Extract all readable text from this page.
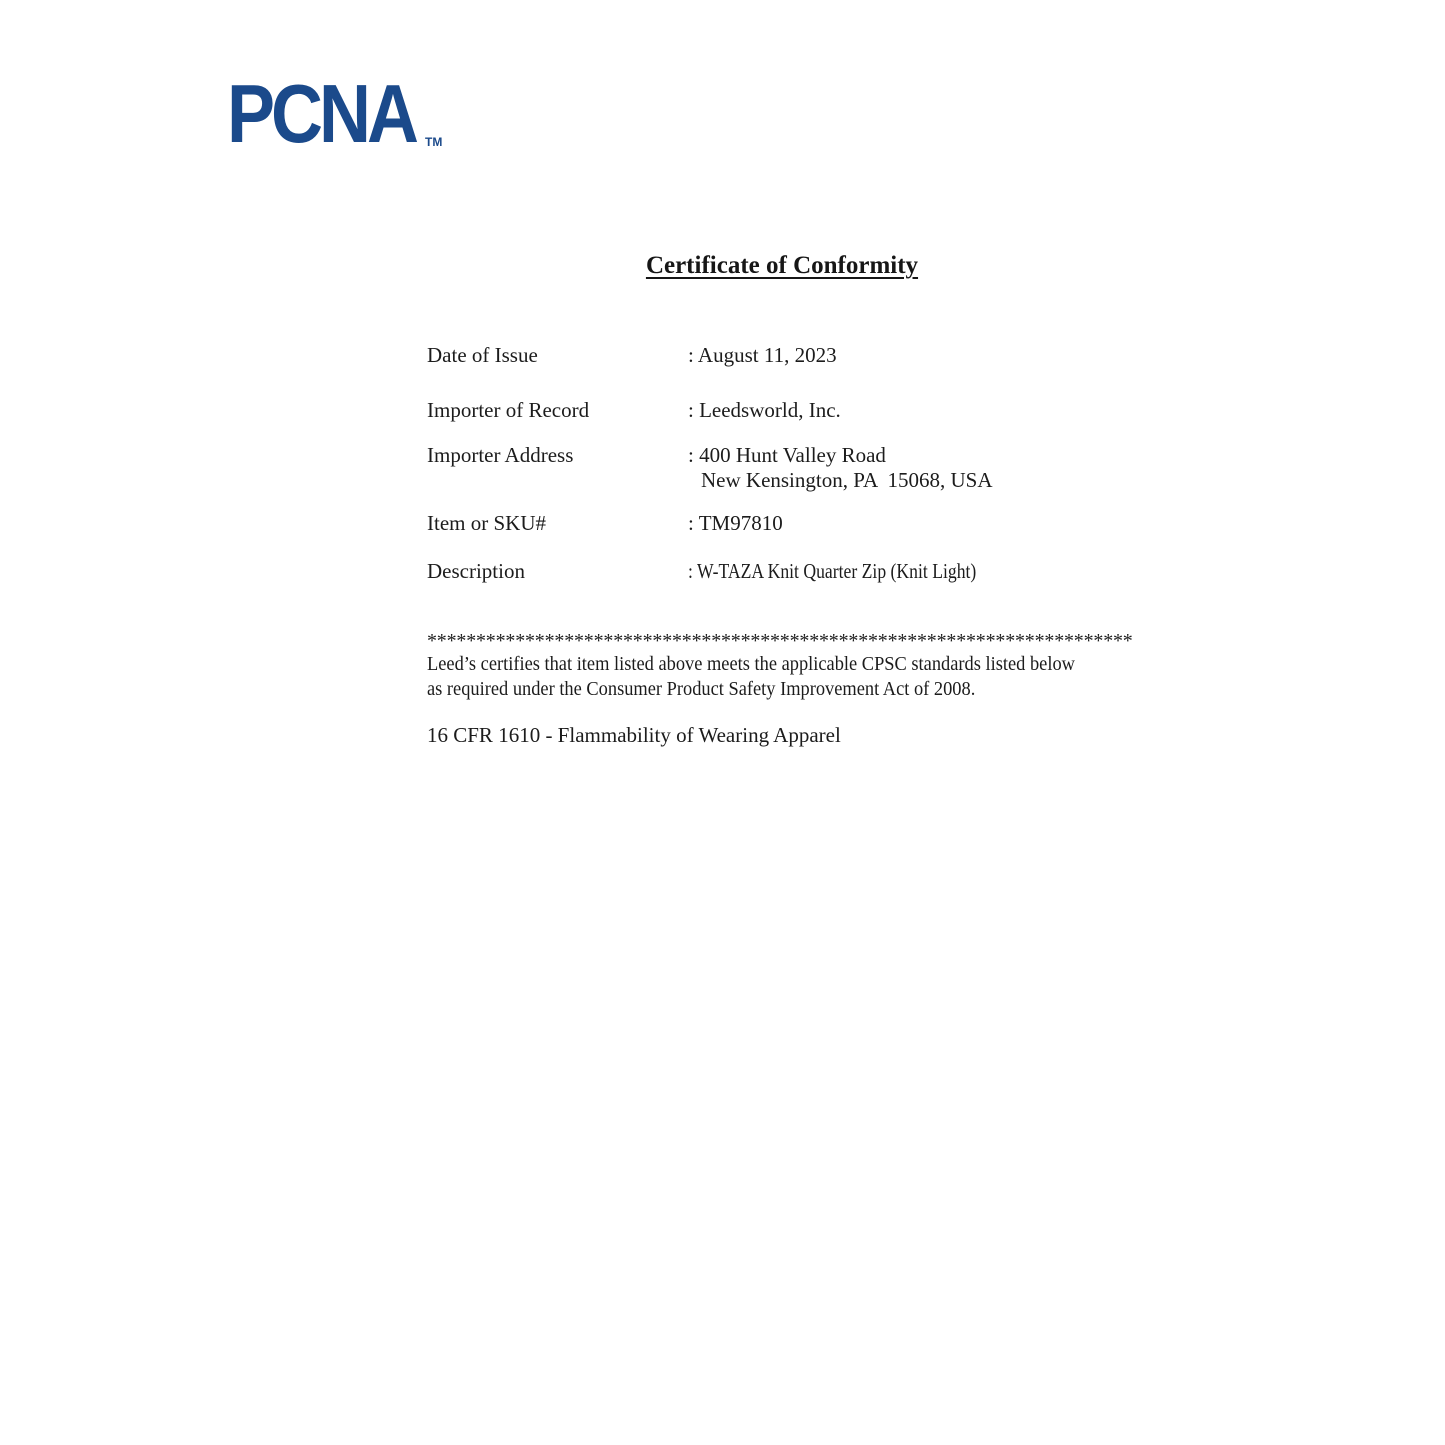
PCNA TM
Certificate of Conformity
Date of Issue	: August 11, 2023
Importer of Record	: Leedsworld, Inc.
Importer Address	: 400 Hunt Valley Road
New Kensington, PA  15068, USA
Item or SKU#	: TM97810
Description	: W-TAZA Knit Quarter Zip (Knit Light)
************************************************************************
Leed’s certifies that item listed above meets the applicable CPSC standards listed below
as required under the Consumer Product Safety Improvement Act of 2008.
16 CFR 1610 - Flammability of Wearing Apparel
